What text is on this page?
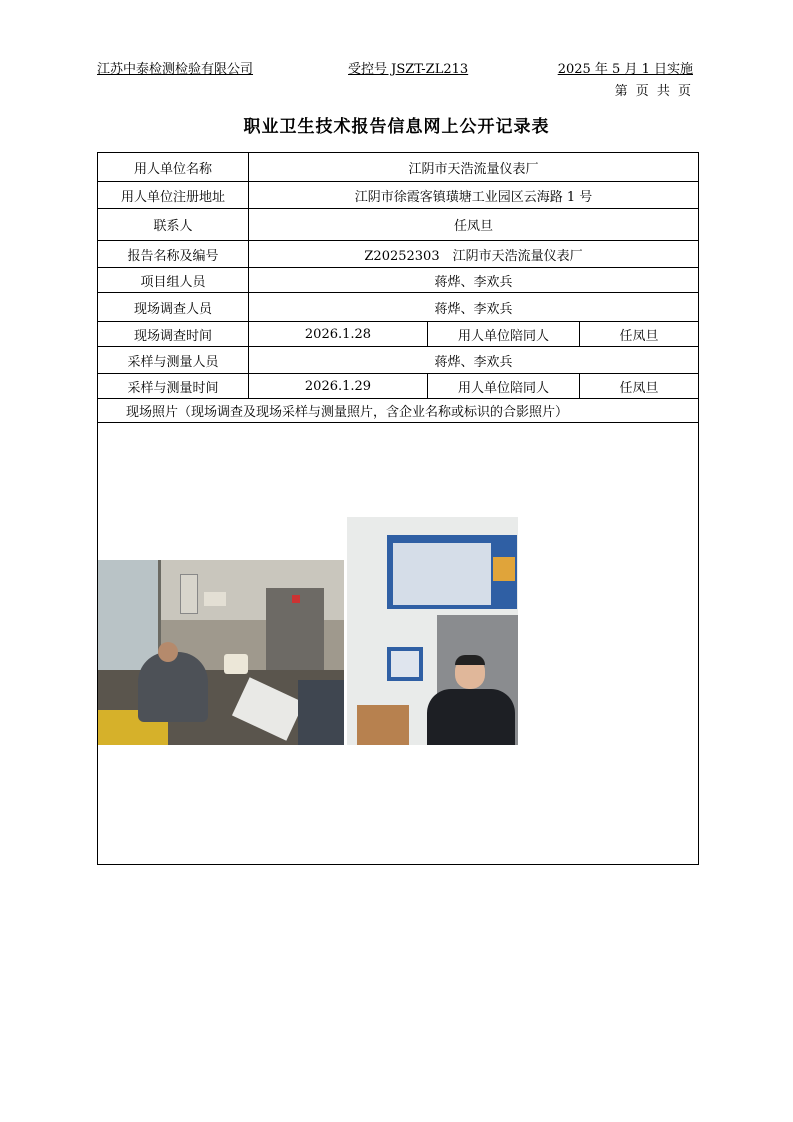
江苏中泰检测检验有限公司	受控号 JSZT-ZL213	2025 年 5 月 1 日实施
第 页 共 页
职业卫生技术报告信息网上公开记录表
用人单位名称	江阴市天浩流量仪表厂		
用人单位注册地址	江阴市徐霞客镇璜塘工业园区云海路 1 号		
联系人	任凤旦		
报告名称及编号	Z20252303　江阴市天浩流量仪表厂		
项目组人员	蒋烨、李欢兵		
现场调查人员	蒋烨、李欢兵		
现场调查时间	2026.1.28	用人单位陪同人	任凤旦
采样与测量人员	蒋烨、李欢兵		
采样与测量时间	2026.1.29	用人单位陪同人	任凤旦
现场照片（现场调查及现场采样与测量照片，含企业名称或标识的合影照片）			
